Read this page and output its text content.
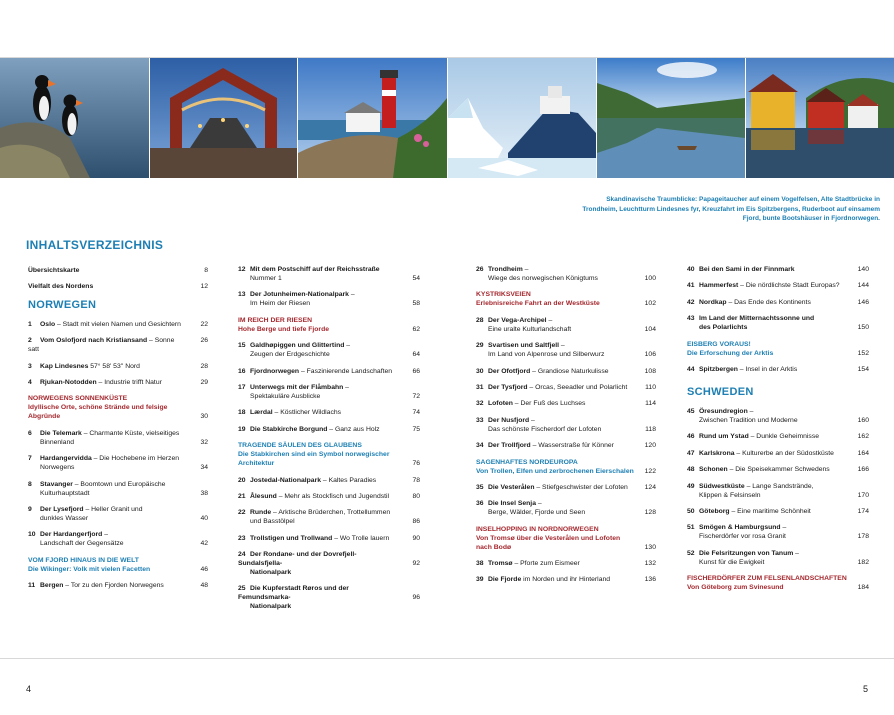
Skandinavische Traumblicke: Papageitaucher auf einem Vogelfelsen, Alte Stadtbrücke in Trondheim, Leuchtturm Lindesnes fyr, Kreuzfahrt im Eis Spitzbergens, Ruderboot auf einsamem Fjord, bunte Bootshäuser in Fjordnorwegen.
INHALTSVERZEICHNIS
Übersichtskarte	8
Vielfalt des Nordens	12
NORWEGEN
1 Oslo – Stadt mit vielen Namen und Gesichtern	22
2 Vom Oslofjord nach Kristiansand – Sonne satt
26
3 Kap Lindesnes 57° 58' 53'' Nord	28
4 Rjukan-Notodden – Industrie trifft Natur	29
NORWEGENS SONNENKÜSTE
Idyllische Orte, schöne Strände und felsige Abgründe	30
6 Die Telemark – Charmante Küste, vielseitiges
Binnenland	32
7 Hardangervidda – Die Hochebene im Herzen
Norwegens	34
8 Stavanger – Boomtown und Europäische
Kulturhauptstadt	38
9 Der Lysefjord – Heller Granit und
dunkles Wasser	40
10 Der Hardangerfjord –
Landschaft der Gegensätze	42
VOM FJORD HINAUS IN DIE WELT
Die Wikinger: Volk mit vielen Facetten	46
11 Bergen – Tor zu den Fjorden Norwegens	48
12 Mit dem Postschiff auf der Reichsstraße
Nummer 1	54
13 Der Jotunheimen-Nationalpark –
Im Heim der Riesen	58
IM REICH DER RIESEN
Hohe Berge und tiefe Fjorde	62
15 Galdhøpiggen und Glittertind –
Zeugen der Erdgeschichte	64
16 Fjordnorwegen – Faszinierende Landschaften	66
17 Unterwegs mit der Flåmbahn –
Spektakuläre Ausblicke	72
18 Lærdal – Köstlicher Wildlachs	74
19 Die Stabkirche Borgund – Ganz aus Holz	75
TRAGENDE SÄULEN DES GLAUBENS
Die Stabkirchen sind ein Symbol norwegischer Architektur	76
20 Jostedal-Nationalpark – Kaltes Paradies	78
21 Ålesund – Mehr als Stockfisch und Jugendstil	80
22 Runde – Arktische Brüderchen, Trottellummen
und Basstölpel	86
23 Trollstigen und Trollwand – Wo Trolle lauern	90
24 Der Rondane- und der Dovrefjell-Sundalsfjella-
Nationalpark
92
25 Die Kupferstadt Røros und der Femundsmarka-
Nationalpark
96
26 Trondheim –
Wiege des norwegischen Königtums	100
KYSTRIKSVEIEN
Erlebnisreiche Fahrt an der Westküste	102
28 Der Vega-Archipel –
Eine uralte Kulturlandschaft	104
29 Svartisen und Saltfjell –
Im Land von Alpenrose und Silberwurz	106
30 Der Ofotfjord – Grandiose Naturkulisse	108
31 Der Tysfjord – Orcas, Seeadler und Polarlicht	110
32 Lofoten – Der Fuß des Luchses	114
33 Der Nusfjord –
Das schönste Fischerdorf der Lofoten	118
34 Der Trollfjord – Wasserstraße für Könner	120
SAGENHAFTES NORDEUROPA
Von Trollen, Elfen und zerbrochenen Eierschalen 122
35 Die Vesterålen – Stiefgeschwister der Lofoten 124
36 Die Insel Senja –
Berge, Wälder, Fjorde und Seen	128
INSELHOPPING IN NORDNORWEGEN
Von Tromsø über die Vesterålen und Lofoten nach Bodø	130
38 Tromsø – Pforte zum Eismeer	132
39 Die Fjorde im Norden und ihr Hinterland	136
40 Bei den Sami in der Finnmark	140
41 Hammerfest – Die nördlichste Stadt Europas?	144
42 Nordkap – Das Ende des Kontinents	146
43 Im Land der Mitternachtssonne und
des Polarlichts	150
EISBERG VORAUS!
Die Erforschung der Arktis	152
44 Spitzbergen – Insel in der Arktis	154
SCHWEDEN
45 Öresundregion –
Zwischen Tradition und Moderne	160
46 Rund um Ystad – Dunkle Geheimnisse	162
47 Karlskrona – Kulturerbe an der Südostküste	164
48 Schonen – Die Speisekammer Schwedens	166
49 Südwestküste – Lange Sandstrände,
Klippen & Felsinseln	170
50 Göteborg – Eine maritime Schönheit	174
51 Smögen & Hamburgsund –
Fischerdörfer vor rosa Granit	178
52 Die Felsritzungen von Tanum –
Kunst für die Ewigkeit	182
FISCHERDÖRFER ZUM FELSENLANDSCHAFTEN
Von Göteborg zum Svinesund	184
4	5
